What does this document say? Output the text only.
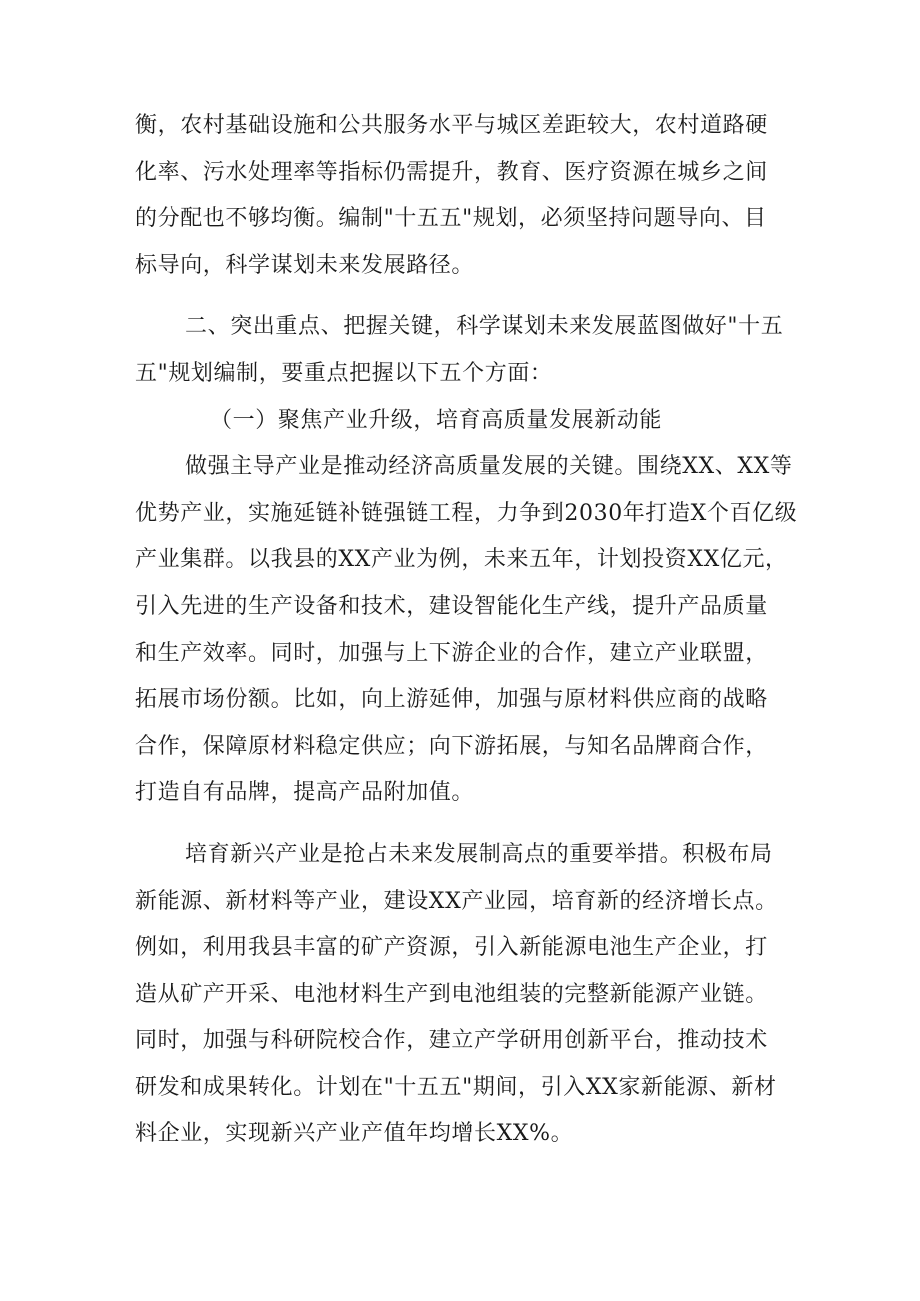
衡，农村基础设施和公共服务水平与城区差距较大，农村道路硬
化率、污水处理率等指标仍需提升，教育、医疗资源在城乡之间
的分配也不够均衡。编制"十五五"规划，必须坚持问题导向、目
标导向，科学谋划未来发展路径。
二、突出重点、把握关键，科学谋划未来发展蓝图做好"十五
五"规划编制，要重点把握以下五个方面：
（一）聚焦产业升级，培育高质量发展新动能
做强主导产业是推动经济高质量发展的关键。围绕XX、XX等
优势产业，实施延链补链强链工程，力争到2030年打造X个百亿级
产业集群。以我县的XX产业为例，未来五年，计划投资XX亿元，
引入先进的生产设备和技术，建设智能化生产线，提升产品质量
和生产效率。同时，加强与上下游企业的合作，建立产业联盟，
拓展市场份额。比如，向上游延伸，加强与原材料供应商的战略
合作，保障原材料稳定供应；向下游拓展，与知名品牌商合作，
打造自有品牌，提高产品附加值。
培育新兴产业是抢占未来发展制高点的重要举措。积极布局
新能源、新材料等产业，建设XX产业园，培育新的经济增长点。
例如，利用我县丰富的矿产资源，引入新能源电池生产企业，打
造从矿产开采、电池材料生产到电池组装的完整新能源产业链。
同时，加强与科研院校合作，建立产学研用创新平台，推动技术
研发和成果转化。计划在"十五五"期间，引入XX家新能源、新材
料企业，实现新兴产业产值年均增长XX%。
